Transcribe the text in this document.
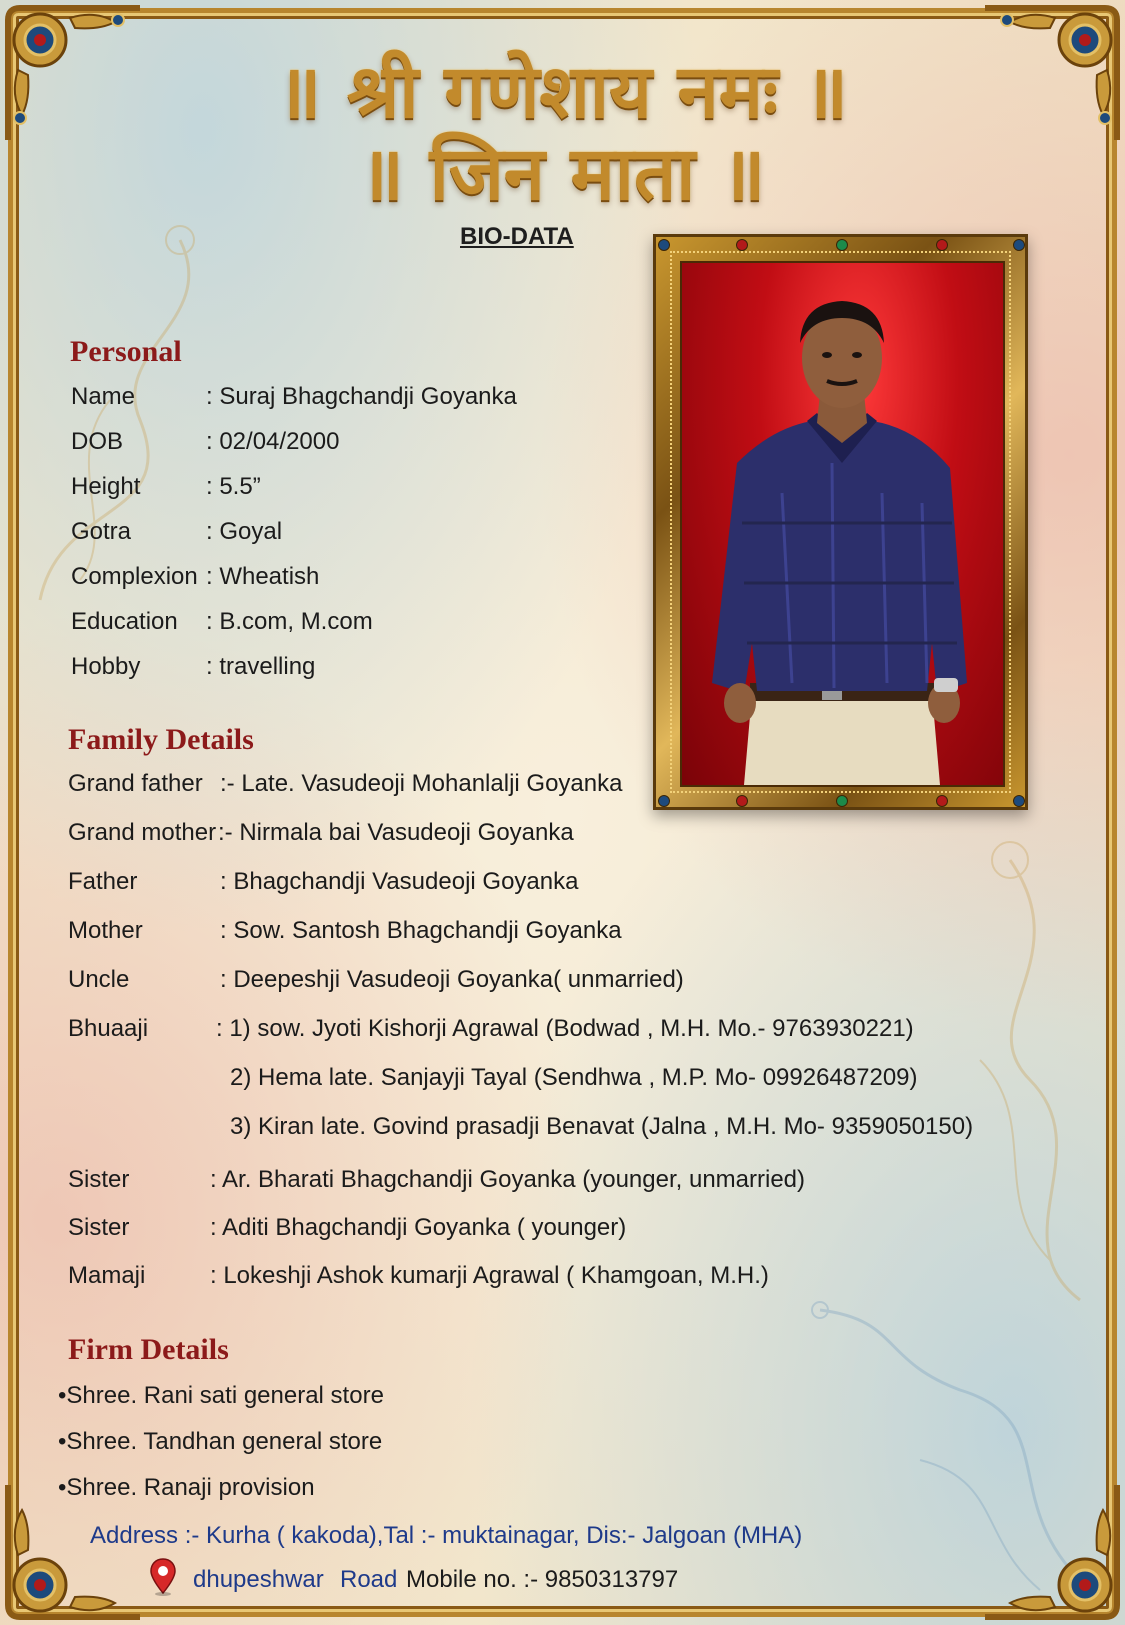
॥ श्री गणेशाय नमः ॥
॥ जिन माता ॥
BIO-DATA
Personal
Name	: Suraj Bhagchandji Goyanka
DOB	: 02/04/2000
Height	: 5.5”
Gotra	: Goyal
Complexion : Wheatish
Education : B.com, M.com
Hobby	: travelling
Family Details
Grand father :- Late. Vasudeoji Mohanlalji Goyanka
Grand mother :- Nirmala bai Vasudeoji Goyanka
Father	: Bhagchandji Vasudeoji Goyanka
Mother	: Sow. Santosh Bhagchandji Goyanka
Uncle	: Deepeshji Vasudeoji Goyanka( unmarried)
Bhuaaji	: 1) sow. Jyoti Kishorji Agrawal (Bodwad , M.H. Mo.- 9763930221)
2) Hema late. Sanjayji Tayal (Sendhwa , M.P. Mo- 09926487209)
3) Kiran late. Govind prasadji Benavat (Jalna , M.H. Mo- 9359050150)
Sister	: Ar. Bharati Bhagchandji Goyanka (younger, unmarried)
Sister	: Aditi Bhagchandji Goyanka ( younger)
Mamaji	: Lokeshji Ashok kumarji Agrawal ( Khamgoan, M.H.)
Firm Details
•Shree. Rani sati general store
•Shree. Tandhan general store
•Shree. Ranaji provision
Address :- Kurha ( kakoda),Tal :- muktainagar, Dis:- Jalgoan (MHA)
dhupeshwar Road Mobile no. :- 9850313797
